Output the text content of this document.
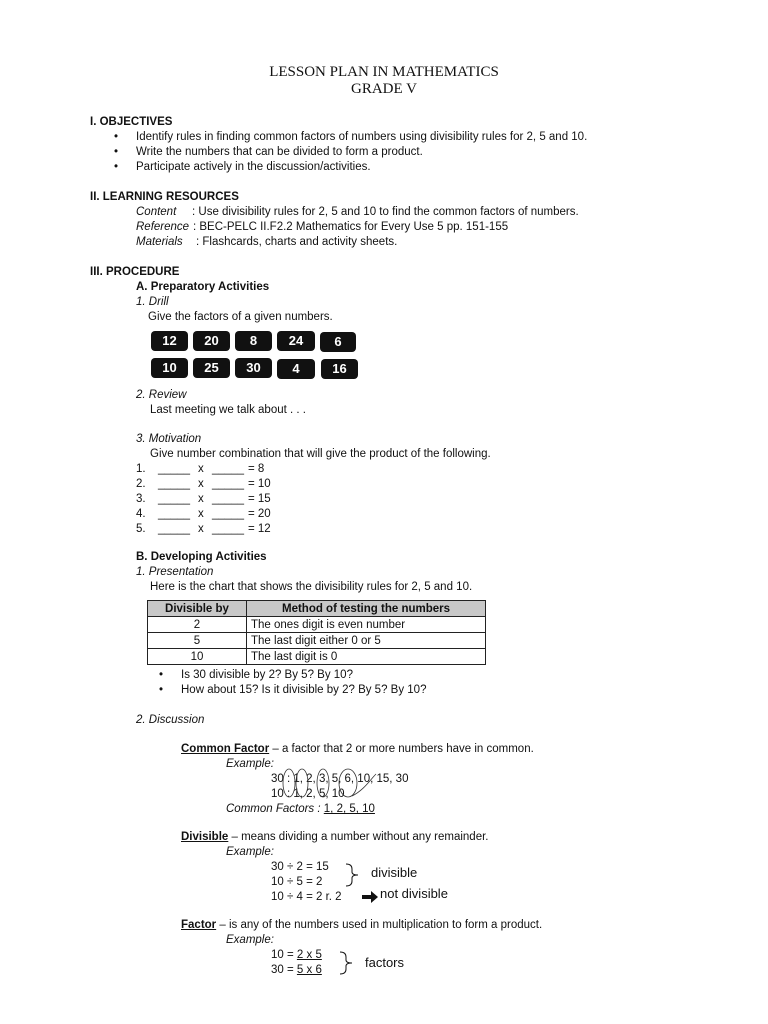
LESSON PLAN IN MATHEMATICS
GRADE V
I. OBJECTIVES
• Identify rules in finding common factors of numbers using divisibility rules for 2, 5 and 10.
• Write the numbers that can be divided to form a product.
• Participate actively in the discussion/activities.
II. LEARNING RESOURCES
Content : Use divisibility rules for 2, 5 and 10 to find the common factors of numbers.
Reference : BEC-PELC II.F2.2 Mathematics for Every Use 5 pp. 151-155
Materials : Flashcards, charts and activity sheets.
III. PROCEDURE
A. Preparatory Activities
1. Drill
Give the factors of a given numbers.
12	20	8	24	6
10	25	30	4	16
2. Review
Last meeting we talk about . . .
3. Motivation
Give number combination that will give the product of the following.
1. _____ x _____ = 8
2. _____ x _____ = 10
3. _____ x _____ = 15
4. _____ x _____ = 20
5. _____ x _____ = 12
B. Developing Activities
1. Presentation
Here is the chart that shows the divisibility rules for 2, 5 and 10.
Divisible by	Method of testing the numbers
2	The ones digit is even number
5	The last digit either 0 or 5
10	The last digit is 0
• Is 30 divisible by 2? By 5? By 10?
• How about 15? Is it divisible by 2? By 5? By 10?
2. Discussion
Common Factor – a factor that 2 or more numbers have in common.
Example:
30 : 1, 2, 3, 5, 6, 10, 15, 30
10 : 1, 2, 5, 10
Common Factors : 1, 2, 5, 10
Divisible – means dividing a number without any remainder.
Example:
30 ÷ 2 = 15
10 ÷ 5 = 2
10 ÷ 4 = 2 r. 2
divisible
not divisible
Factor – is any of the numbers used in multiplication to form a product.
Example:
10 = 2 x 5
30 = 5 x 6	factors
